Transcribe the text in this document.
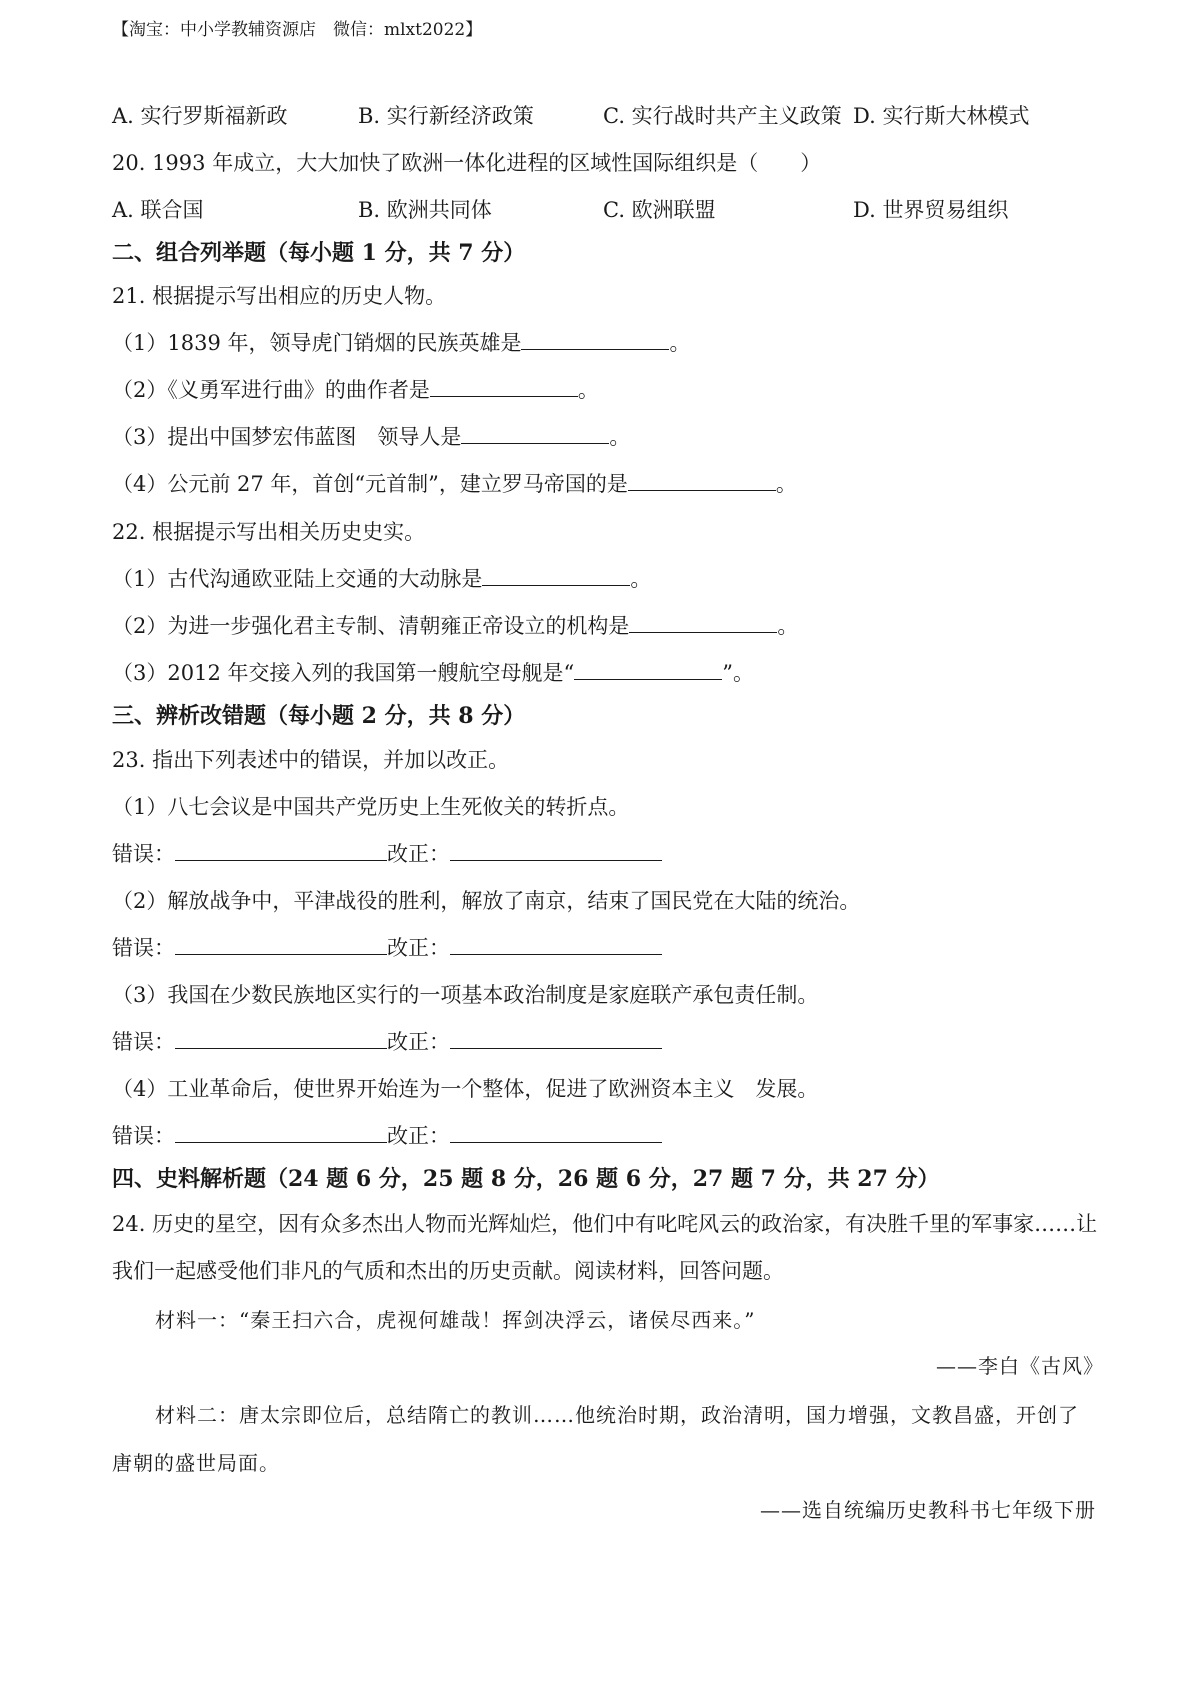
【淘宝：中小学教辅资源店　微信：mlxt2022】
A. 实行罗斯福新政	B. 实行新经济政策	C. 实行战时共产主义政策 D. 实行斯大林模式
20. 1993 年成立，大大加快了欧洲一体化进程的区域性国际组织是（　　）
A. 联合国	B. 欧洲共同体	C. 欧洲联盟	D. 世界贸易组织
二、组合列举题（每小题 1 分，共 7 分）
21. 根据提示写出相应的历史人物。
（1）1839 年，领导虎门销烟的民族英雄是	。
（2）《义勇军进行曲》的曲作者是	。
（3）提出中国梦宏伟蓝图　领导人是	。
（4）公元前 27 年，首创“元首制”，建立罗马帝国的是	。
22. 根据提示写出相关历史史实。
（1）古代沟通欧亚陆上交通的大动脉是	。
（2）为进一步强化君主专制、清朝雍正帝设立的机构是	。
（3）2012 年交接入列的我国第一艘航空母舰是“	”。
三、辨析改错题（每小题 2 分，共 8 分）
23. 指出下列表述中的错误，并加以改正。
（1）八七会议是中国共产党历史上生死攸关的转折点。
错误：	改正：
（2）解放战争中，平津战役的胜利，解放了南京，结束了国民党在大陆的统治。
错误：	改正：
（3）我国在少数民族地区实行的一项基本政治制度是家庭联产承包责任制。
错误：	改正：
（4）工业革命后，使世界开始连为一个整体，促进了欧洲资本主义　发展。
错误：	改正：
四、史料解析题（24 题 6 分，25 题 8 分，26 题 6 分，27 题 7 分，共 27 分）
24. 历史的星空，因有众多杰出人物而光辉灿烂，他们中有叱咤风云的政治家，有决胜千里的军事家……让
我们一起感受他们非凡的气质和杰出的历史贡献。阅读材料，回答问题。
材料一：“秦王扫六合，虎视何雄哉！挥剑决浮云，诸侯尽西来。”
——李白《古风》
材料二：唐太宗即位后，总结隋亡的教训……他统治时期，政治清明，国力增强，文教昌盛，开创了
唐朝的盛世局面。
——选自统编历史教科书七年级下册
